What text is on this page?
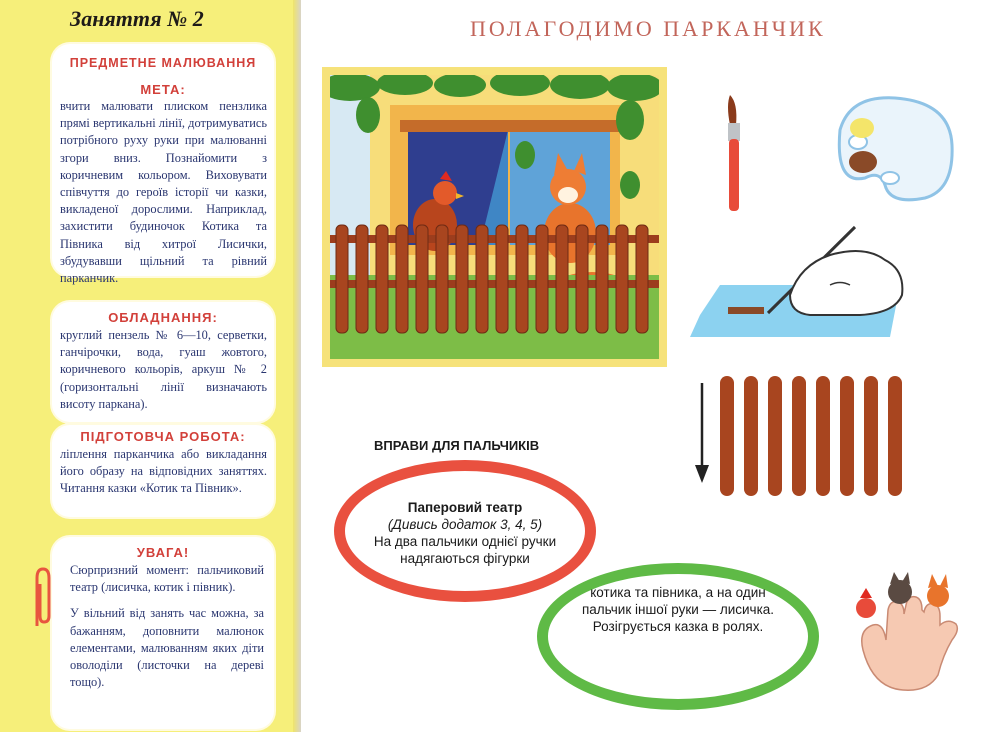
Заняття № 2
ПРЕДМЕТНЕ МАЛЮВАННЯ
МЕТА:

вчити малювати плиском пензлика прямі вертикальні лінії, дотримуватись потрібного руху руки при малюванні згори вниз. Познайомити з коричневим кольором. Виховувати співчуття до героїв історії чи казки, викладеної дорослими. Наприклад, захистити будиночок Котика та Півника від хитрої Лисички, збудувавши щільний та рівний парканчик.

ОБЛАДНАННЯ:

круглий пензель № 6—10, серветки, ганчірочки, вода, гуаш жовтого, коричневого кольорів, аркуш № 2 (горизонтальні лінії визначають висоту паркана).

ПІДГОТОВЧА РОБОТА:

ліплення парканчика або викладання його образу на відповідних заняттях. Читання казки «Котик та Півник».

УВАГА!

Сюрпризний момент: пальчиковий театр (лисичка, котик і півник).

У вільний від занять час можна, за бажанням, доповнити малюнок елементами, малюванням яких діти оволоділи (листочки на дереві тощо).

ПОЛАГОДИМО ПАРКАНЧИК
ВПРАВИ ДЛЯ ПАЛЬЧИКІВ
Паперовий театр
(Дивись додаток 3, 4, 5)
На два пальчики однієї ручки надягаються фігурки
котика та півника, а на один пальчик іншої руки — лисичка. Розігрується казка в ролях.
